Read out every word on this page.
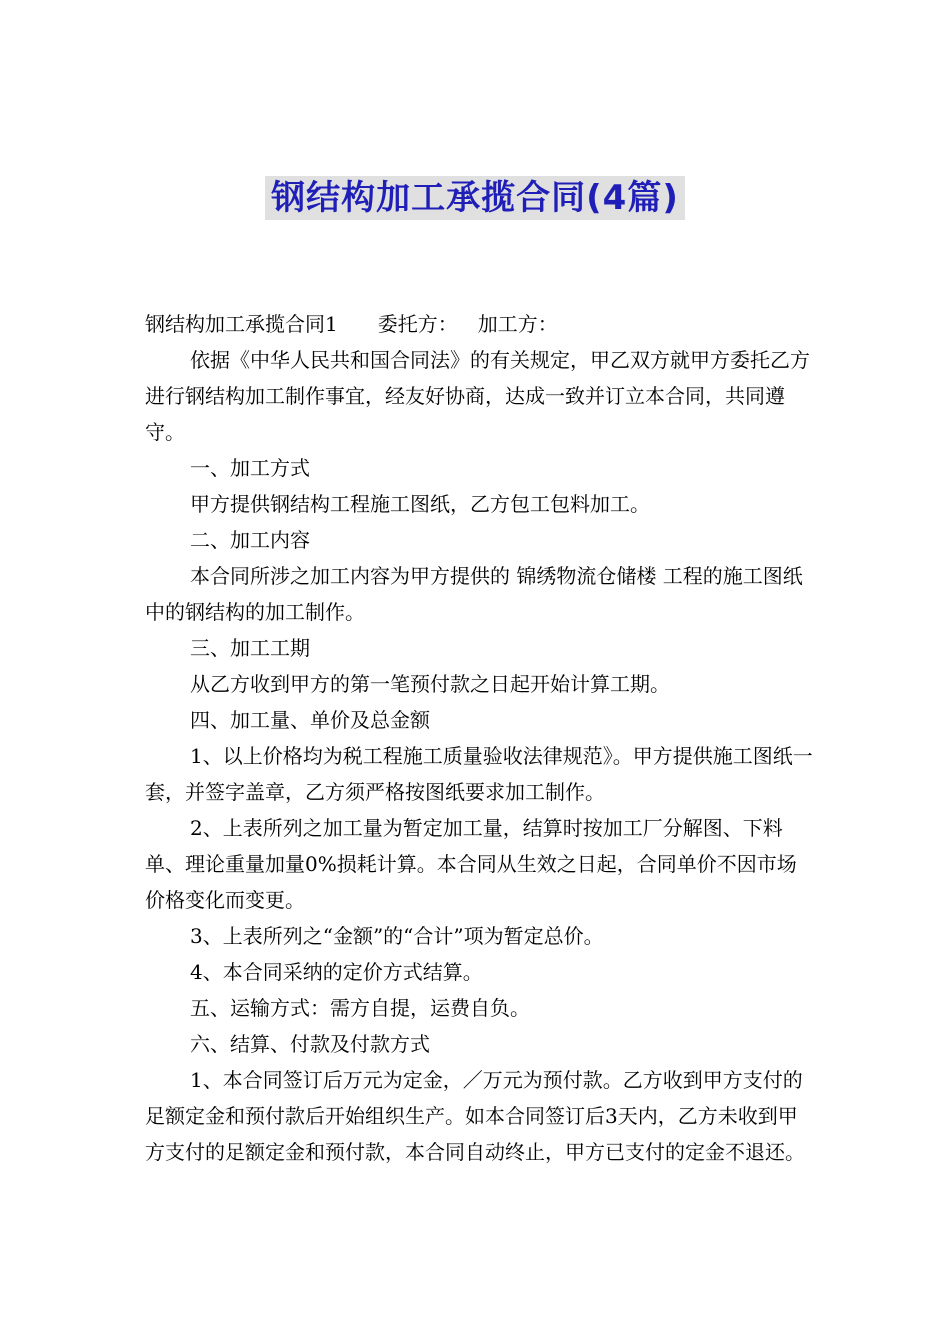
钢结构加工承揽合同(4篇)

钢结构加工承揽合同1 委托方： 加工方：

依据《中华人民共和国合同法》的有关规定，甲乙双方就甲方委托乙方进行钢结构加工制作事宜，经友好协商，达成一致并订立本合同，共同遵守。

一、加工方式

甲方提供钢结构工程施工图纸，乙方包工包料加工。

二、加工内容

本合同所涉之加工内容为甲方提供的 锦绣物流仓储楼 工程的施工图纸中的钢结构的加工制作。

三、加工工期

从乙方收到甲方的第一笔预付款之日起开始计算工期。

四、加工量、单价及总金额

1、以上价格均为税工程施工质量验收法律规范》。甲方提供施工图纸一套，并签字盖章，乙方须严格按图纸要求加工制作。

2、上表所列之加工量为暂定加工量，结算时按加工厂分解图、下料单、理论重量加量0%损耗计算。本合同从生效之日起，合同单价不因市场价格变化而变更。

3、上表所列之“金额”的“合计”项为暂定总价。

4、本合同采纳的定价方式结算。

五、运输方式：需方自提，运费自负。

六、结算、付款及付款方式

1、本合同签订后万元为定金，／万元为预付款。乙方收到甲方支付的足额定金和预付款后开始组织生产。如本合同签订后3天内，乙方未收到甲方支付的足额定金和预付款，本合同自动终止，甲方已支付的定金不退还。
